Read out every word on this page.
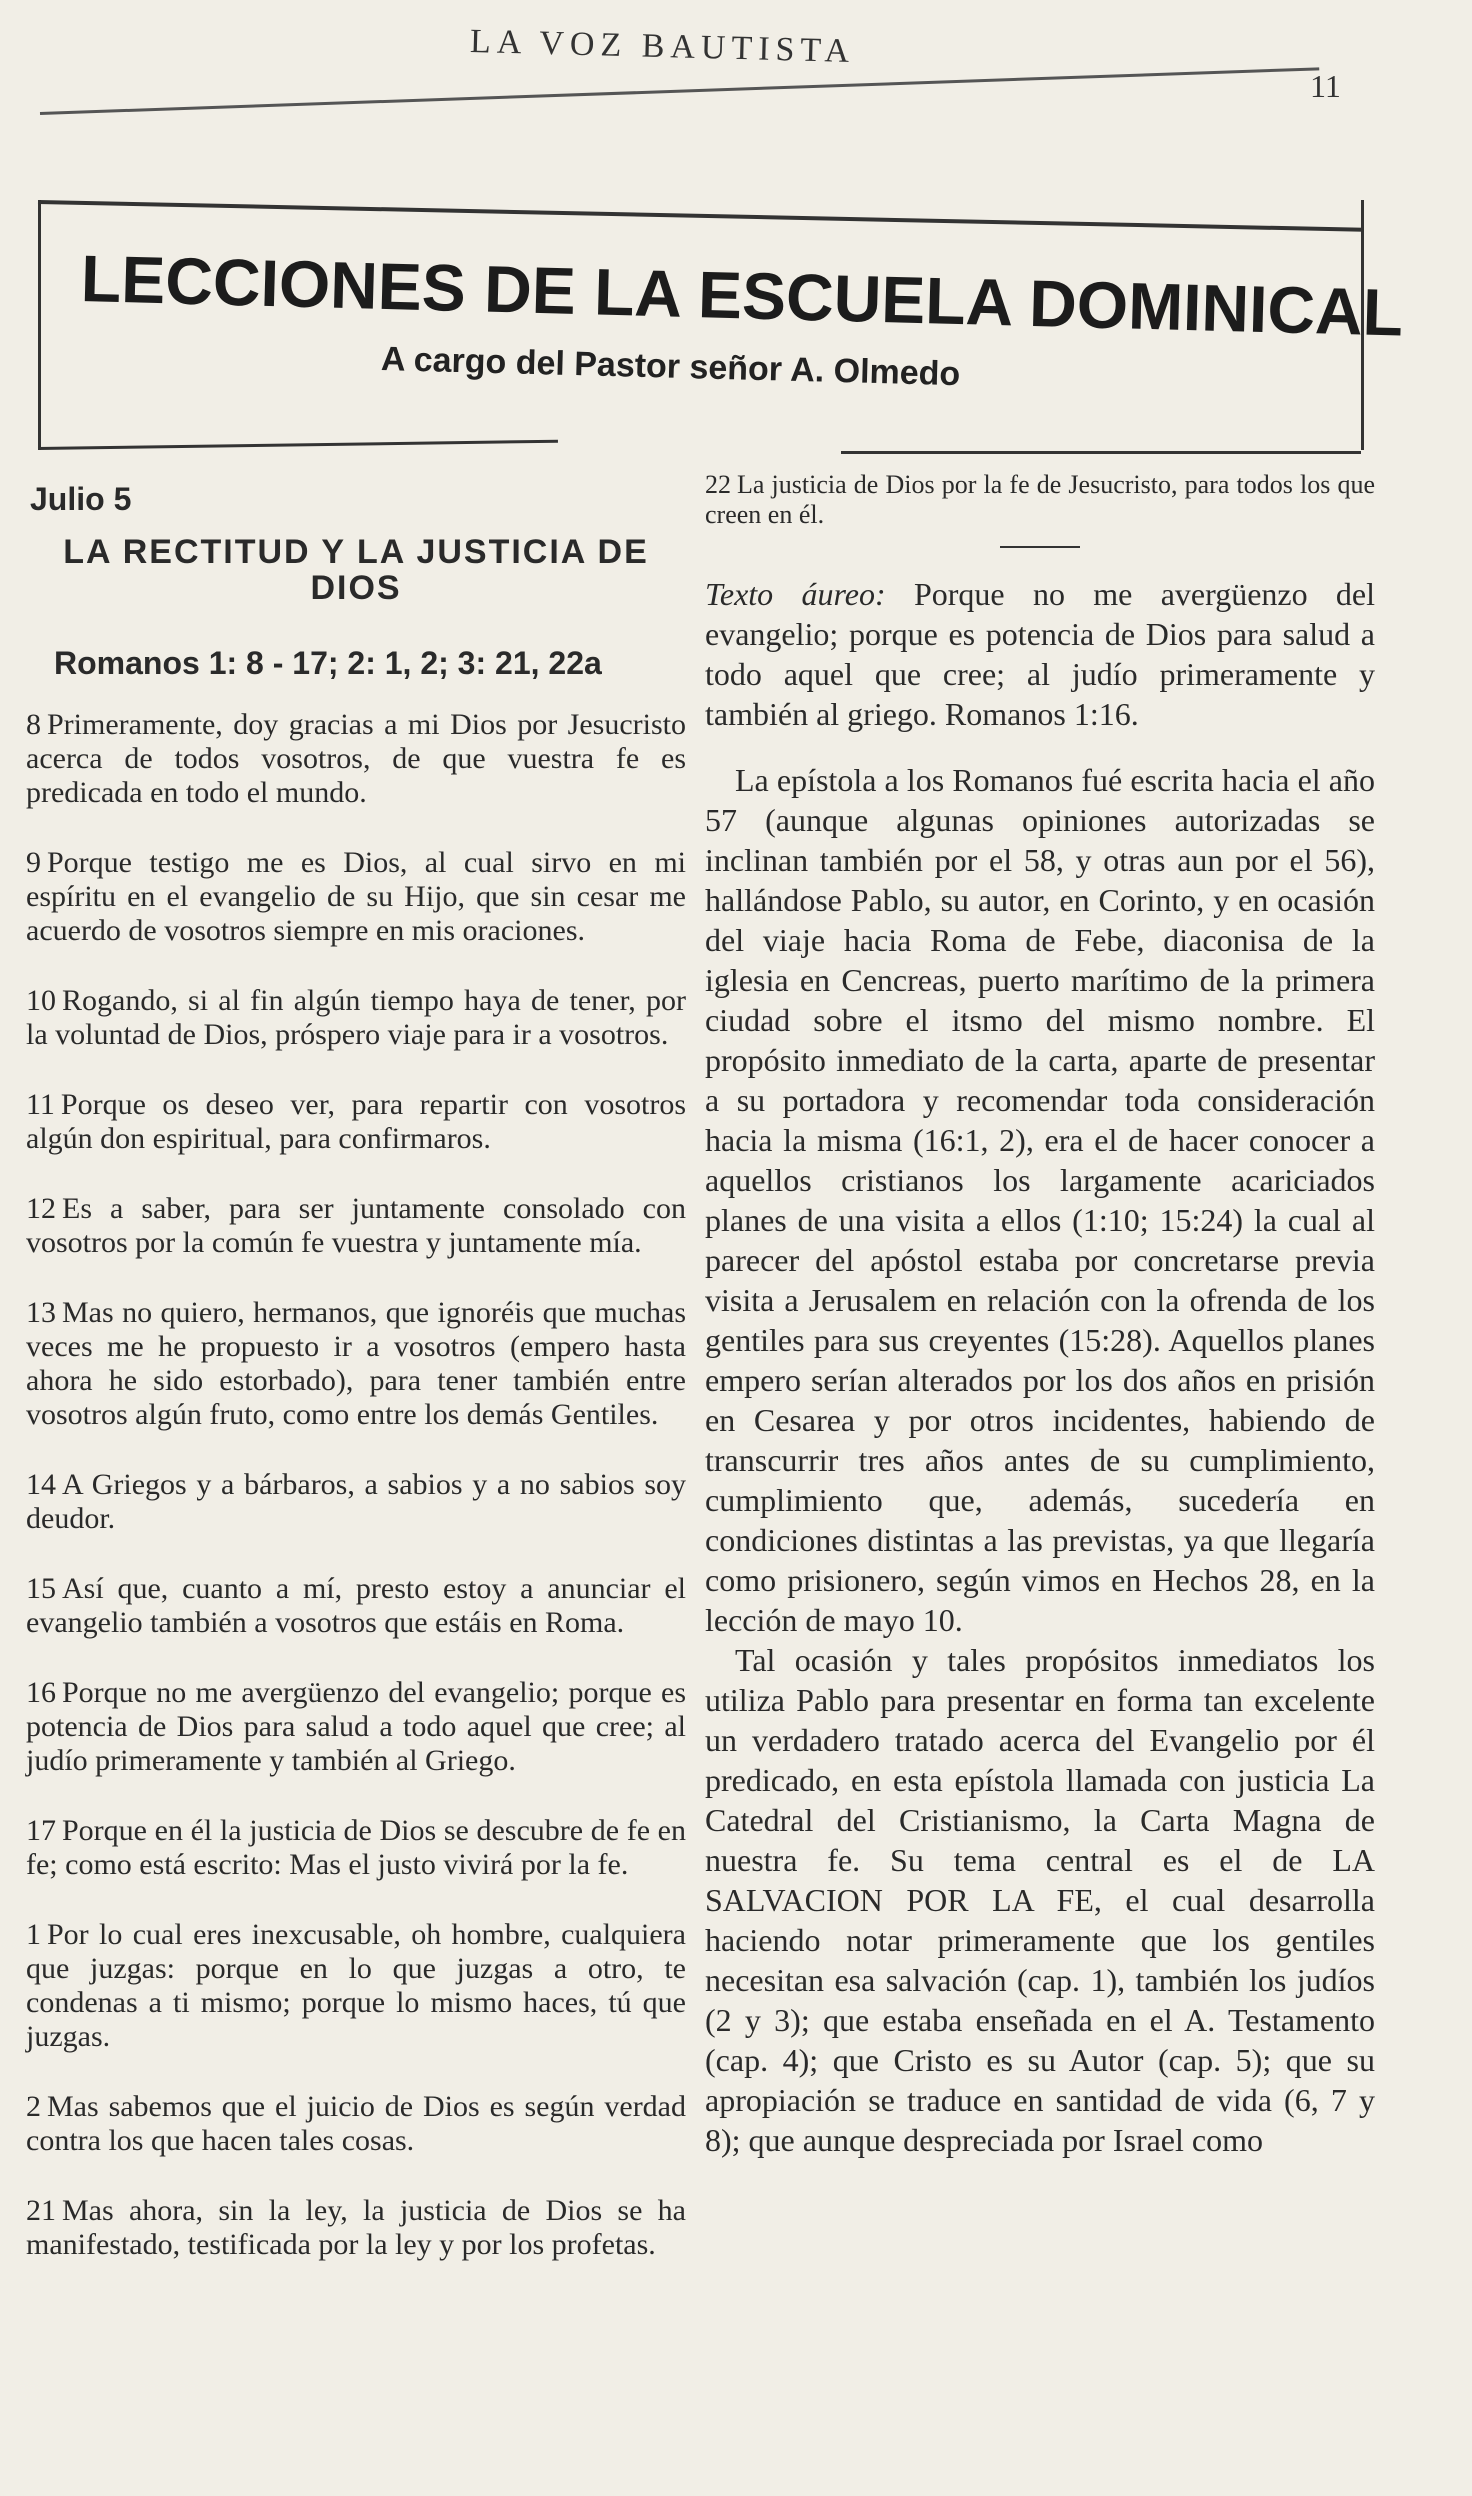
LA VOZ BAUTISTA
11
LECCIONES DE LA ESCUELA DOMINICAL
A cargo del Pastor señor A. Olmedo
Julio 5
LA RECTITUD Y LA JUSTICIA DE
DIOS
Romanos 1: 8 - 17; 2: 1, 2; 3: 21, 22a
8 Primeramente, doy gracias a mi Dios por Jesucristo acerca de todos vosotros, de que vuestra fe es predicada en todo el mundo.
9 Porque testigo me es Dios, al cual sirvo en mi espíritu en el evangelio de su Hijo, que sin cesar me acuerdo de vosotros siempre en mis oraciones.
10 Rogando, si al fin algún tiempo haya de tener, por la voluntad de Dios, próspero viaje para ir a vosotros.
11 Porque os deseo ver, para repartir con vosotros algún don espiritual, para confirmaros.
12 Es a saber, para ser juntamente consolado con vosotros por la común fe vuestra y juntamente mía.
13 Mas no quiero, hermanos, que ignoréis que muchas veces me he propuesto ir a vosotros (empero hasta ahora he sido estorbado), para tener también entre vosotros algún fruto, como entre los demás Gentiles.
14 A Griegos y a bárbaros, a sabios y a no sabios soy deudor.
15 Así que, cuanto a mí, presto estoy a anunciar el evangelio también a vosotros que estáis en Roma.
16 Porque no me avergüenzo del evangelio; porque es potencia de Dios para salud a todo aquel que cree; al judío primeramente y también al Griego.
17 Porque en él la justicia de Dios se descubre de fe en fe; como está escrito: Mas el justo vivirá por la fe.
1 Por lo cual eres inexcusable, oh hombre, cualquiera que juzgas: porque en lo que juzgas a otro, te condenas a ti mismo; porque lo mismo haces, tú que juzgas.
2 Mas sabemos que el juicio de Dios es según verdad contra los que hacen tales cosas.
21 Mas ahora, sin la ley, la justicia de Dios se ha manifestado, testificada por la ley y por los profetas.
22 La justicia de Dios por la fe de Jesucristo, para todos los que creen en él.
Texto áureo: Porque no me avergüenzo del evangelio; porque es potencia de Dios para salud a todo aquel que cree; al judío primeramente y también al griego. Romanos 1:16.

La epístola a los Romanos fué escrita hacia el año 57 (aunque algunas opiniones autorizadas se inclinan también por el 58, y otras aun por el 56), hallándose Pablo, su autor, en Corinto, y en ocasión del viaje hacia Roma de Febe, diaconisa de la iglesia en Cencreas, puerto marítimo de la primera ciudad sobre el itsmo del mismo nombre. El propósito inmediato de la carta, aparte de presentar a su portadora y recomendar toda consideración hacia la misma (16:1, 2), era el de hacer conocer a aquellos cristianos los largamente acariciados planes de una visita a ellos (1:10; 15:24) la cual al parecer del apóstol estaba por concretarse previa visita a Jerusalem en relación con la ofrenda de los gentiles para sus creyentes (15:28). Aquellos planes empero serían alterados por los dos años en prisión en Cesarea y por otros incidentes, habiendo de transcurrir tres años antes de su cumplimiento, cumplimiento que, además, sucedería en condiciones distintas a las previstas, ya que llegaría como prisionero, según vimos en Hechos 28, en la lección de mayo 10.

Tal ocasión y tales propósitos inmediatos los utiliza Pablo para presentar en forma tan excelente un verdadero tratado acerca del Evangelio por él predicado, en esta epístola llamada con justicia La Catedral del Cristianismo, la Carta Magna de nuestra fe. Su tema central es el de LA SALVACION POR LA FE, el cual desarrolla haciendo notar primeramente que los gentiles necesitan esa salvación (cap. 1), también los judíos (2 y 3); que estaba enseñada en el A. Testamento (cap. 4); que Cristo es su Autor (cap. 5); que su apropiación se traduce en santidad de vida (6, 7 y 8); que aunque despreciada por Israel como
